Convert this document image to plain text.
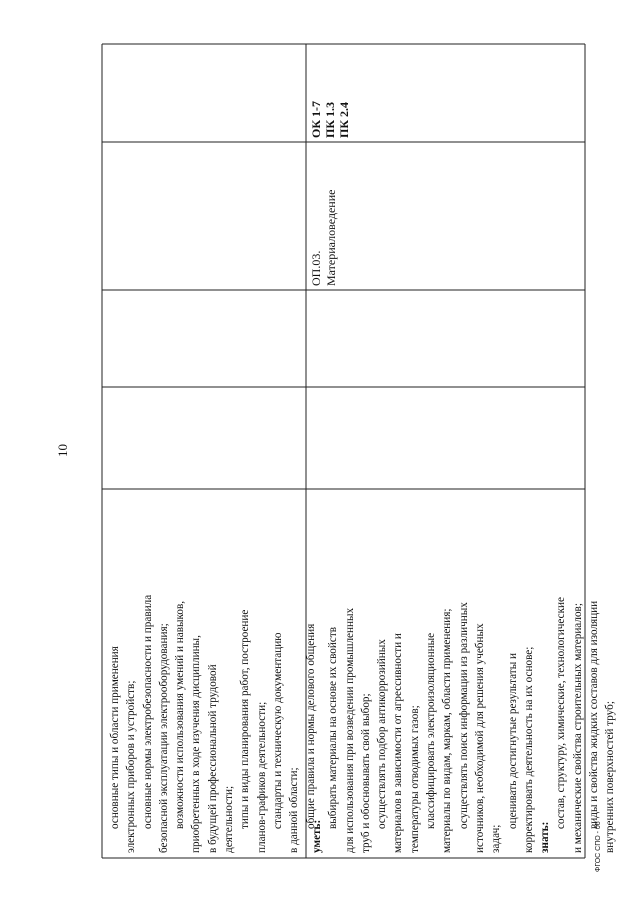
10
ФГОС СПО - 06
основные типы и области применения электронных приборов и устройств; основные нормы электробезопасности и правила безопасной эксплуатации электрооборудования; возможности использования умений и навыков, приобретенных в ходе изучения дисциплины, в будущей профессиональной трудовой деятельности; типы и виды планирования работ, построение планов-графиков деятельности; стандарты и техническую документацию в данной области; общие правила и нормы делового общения
уметь:
выбирать материалы на основе их свойств для использования при возведении промышленных труб и обосновывать свой выбор; осуществлять подбор антикоррозийных материалов в зависимости от агрессивности и температуры отводимых газов; классифицировать электроизоляционные материалы по видам, маркам, области применения; осуществлять поиск информации из различных источников, необходимой для решения учебных задач;
оценивать достигнутые результаты и корректировать деятельность на их основе; знать:
состав, структуру, химические, технологические и механические свойства строительных материалов; виды и свойства жидких составов для изоляции внутренних поверхностей труб;
ОП.03. Материаловедение
ОК 1-7 ПК 1.3 ПК 2.4
